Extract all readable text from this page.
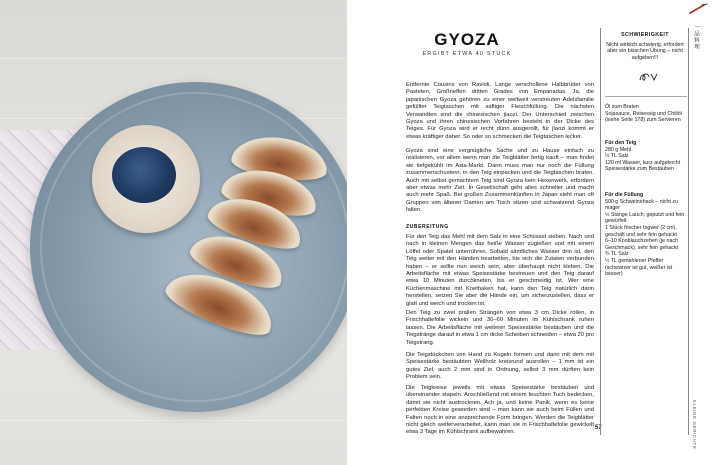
GYOZA
ERGIBT ETWA 40 STÜCK

Entfernte Cousins von Ravioli, Lange verschollene Halbbrüder von Pasteten, Großneffen dritten Grades von Empanadas. Ja, die japanischen Gyoza gehören zu einer weltweit verstreuten Adelsfamilie gefüllter Teigtaschen mit saftiger Fleischfüllung. Die nächsten Verwandten sind die chinesischen jiaozi. Der Unterschied zwischen Gyoza und ihren chinesischen Vorfahren besteht in der Dicke des Teiges. Für Gyoza wird er recht dünn ausgerollt, für jiaozi kommt er etwas kräftiger daher. So oder so schmecken die Teigtaschen lecker.

Gyoza sind eine vergnügliche Sache und zu Hause einfach zu realisieren, vor allem wenn man die Teigblätter fertig kauft – man findet sie tiefgekühlt im Asia-Markt. Dann muss man nur noch die Füllung zusammenschustern, in den Teig einpacken und die Teigtaschen braten. Auch mit selbst gemachtem Teig sind Gyoza kein Hexenwerk, erfordern aber etwas mehr Zeit. In Gesellschaft geht alles schneller und macht auch mehr Spaß. Bei großen Zusammenkünften in Japan sieht man oft Gruppen von älteren Damen am Tisch sitzen und schwatzend Gyoza falten.

ZUBEREITUNG

Für den Teig das Mehl mit dem Salz in eine Schüssel sieben. Nach und nach in kleinen Mengen das heiße Wasser zugießen und mit einem Löffel oder Spatel unterrühren. Sobald sämtliches Wasser drin ist, den Teig weiter mit den Händen bearbeiten, bis sich die Zutaten verbunden haben – er sollte nun weich sein, aber überhaupt nicht kleben. Die Arbeitsfläche mit etwas Speisestärke bestreuen und den Teig darauf etwa 10 Minuten durchkneten, bis er geschmeidig ist. Wer eine Küchenmaschine mit Knethaken hat, kann den Teig natürlich darin herstellen, setzen Sie aber die Hände ein, um sicherzustellen, dass er glatt und weich und trocken ist.

Den Teig zu zwei prallen Strängen von etwa 3 cm Dicke rollen, in Frischhaltefolie wickeln und 30–60 Minuten im Kühlschrank ruhen lassen. Die Arbeitsfläche mit weiterer Speisestärke bestäuben und die Teigstränge darauf in etwa 1 cm dicke Scheiben schneiden – etwa 20 pro Teigstrang.

Die Teigstückchen von Hand zu Kugeln formen und dann mit dem mit Speisestärke bestäubten Wellholz kreisrund ausrollen – 1 mm ist ein gutes Ziel, auch 2 mm sind in Ordnung, selbst 3 mm dürften kein Problem sein.

Die Teigkreise jeweils mit etwas Speisestärke bestäuben und übereinander stapeln. Anschließend mit einem feuchten Tuch bedecken, damit sie nicht austrocknen. Ach ja, und keine Panik, wenn es keine perfekten Kreise geworden sind – man kann sie auch beim Füllen und Falten noch in eine ansprechende Form bringen. Werden die Teigblätter nicht gleich weiterverarbeitet, kann man sie in Frischhaltefolie gewickelt etwa 3 Tage im Kühlschrank aufbewahren.

57
SCHWIERIGKEIT
Nicht wirklich schwierig, erfordert aber ein bisschen Übung – nicht aufgeben!!!
Öl zum Braten
Sojasauce, Reisessig und Chiliöl (siehe Seite 178) zum Servieren
Für den Teig
280 g Mehl
½ TL Salz
120 ml Wasser, kurz aufgekocht
Speisestärke zum Bestäuben
Für die Füllung
500 g Schweinehack – nicht zu mager
½ Stange Lauch, geputzt und fein gewürfelt
1 Stück frischer Ingwer (2 cm), geschält und sehr fein gehackt
6–10 Knoblauchzehen (je nach Geschmack), sehr fein gehackt
¾ TL Salz
½ TL gemahlener Pfeffer (schwarzer ist gut, weißer ist besser)
一品料理
KLEINE GERICHTE
